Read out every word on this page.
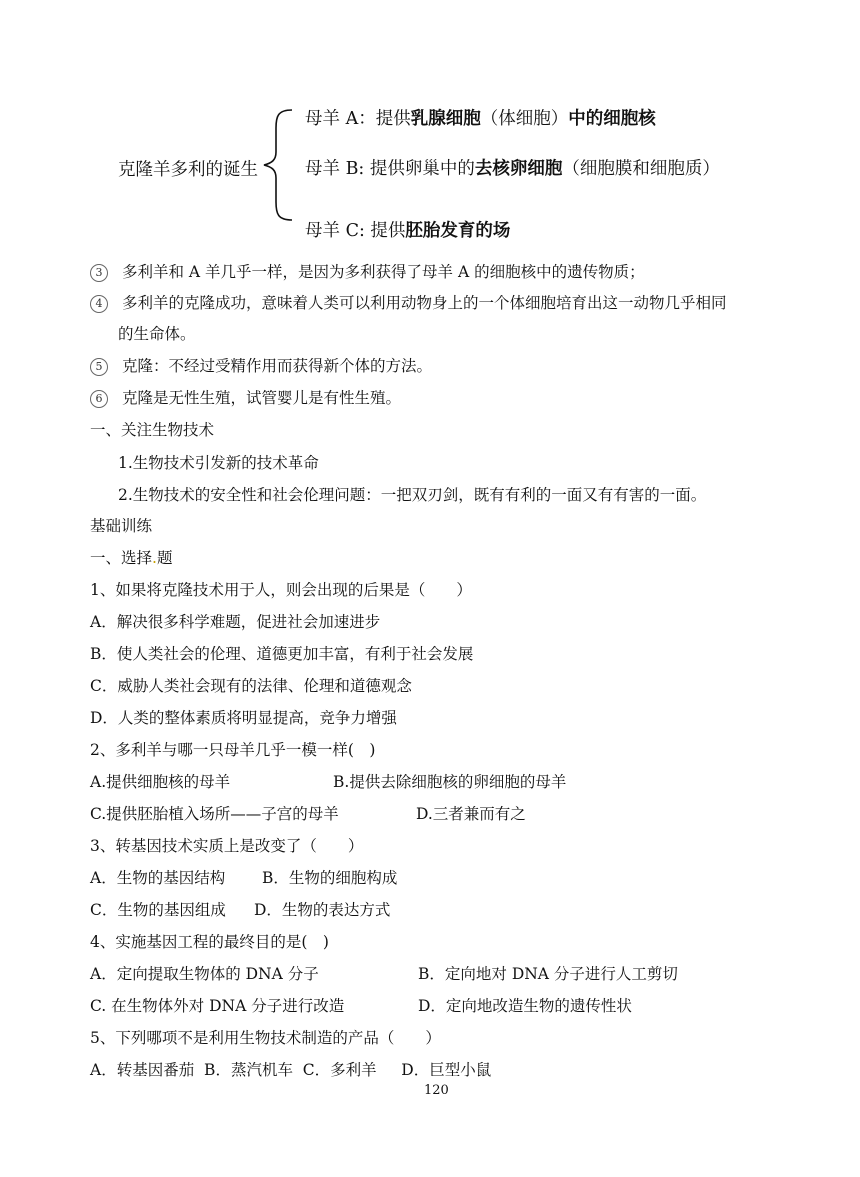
克隆羊多利的诞生
母羊 A：提供乳腺细胞（体细胞）中的细胞核
母羊 B: 提供卵巢中的去核卵细胞（细胞膜和细胞质）
母羊 C: 提供胚胎发育的场
3 多利羊和 A 羊几乎一样，是因为多利获得了母羊 A 的细胞核中的遗传物质；
4 多利羊的克隆成功，意味着人类可以利用动物身上的一个体细胞培育出这一动物几乎相同
的生命体。
5 克隆：不经过受精作用而获得新个体的方法。
6 克隆是无性生殖，试管婴儿是有性生殖。
一、关注生物技术
1.生物技术引发新的技术革命
2.生物技术的安全性和社会伦理问题：一把双刃剑，既有有利的一面又有有害的一面。
基础训练
一、选择.题
1、如果将克隆技术用于人，则会出现的后果是（　　）
A．解决很多科学难题，促进社会加速进步
B．使人类社会的伦理、道德更加丰富，有利于社会发展
C．威胁人类社会现有的法律、伦理和道德观念
D．人类的整体素质将明显提高，竞争力增强
2、多利羊与哪一只母羊几乎一模一样(　)
A.提供细胞核的母羊	B.提供去除细胞核的卵细胞的母羊
C.提供胚胎植入场所——子宫的母羊	D.三者兼而有之
3、转基因技术实质上是改变了（　　）
A．生物的基因结构 B．生物的细胞构成
C．生物的基因组成 D．生物的表达方式
4、实施基因工程的最终目的是(　)
A．定向提取生物体的 DNA 分子	B．定向地对 DNA 分子进行人工剪切
C. 在生物体外对 DNA 分子进行改造	D．定向地改造生物的遗传性状
5、下列哪项不是利用生物技术制造的产品（　　）
A．转基因番茄  B．蒸汽机车  C．多利羊     D．巨型小鼠
120
